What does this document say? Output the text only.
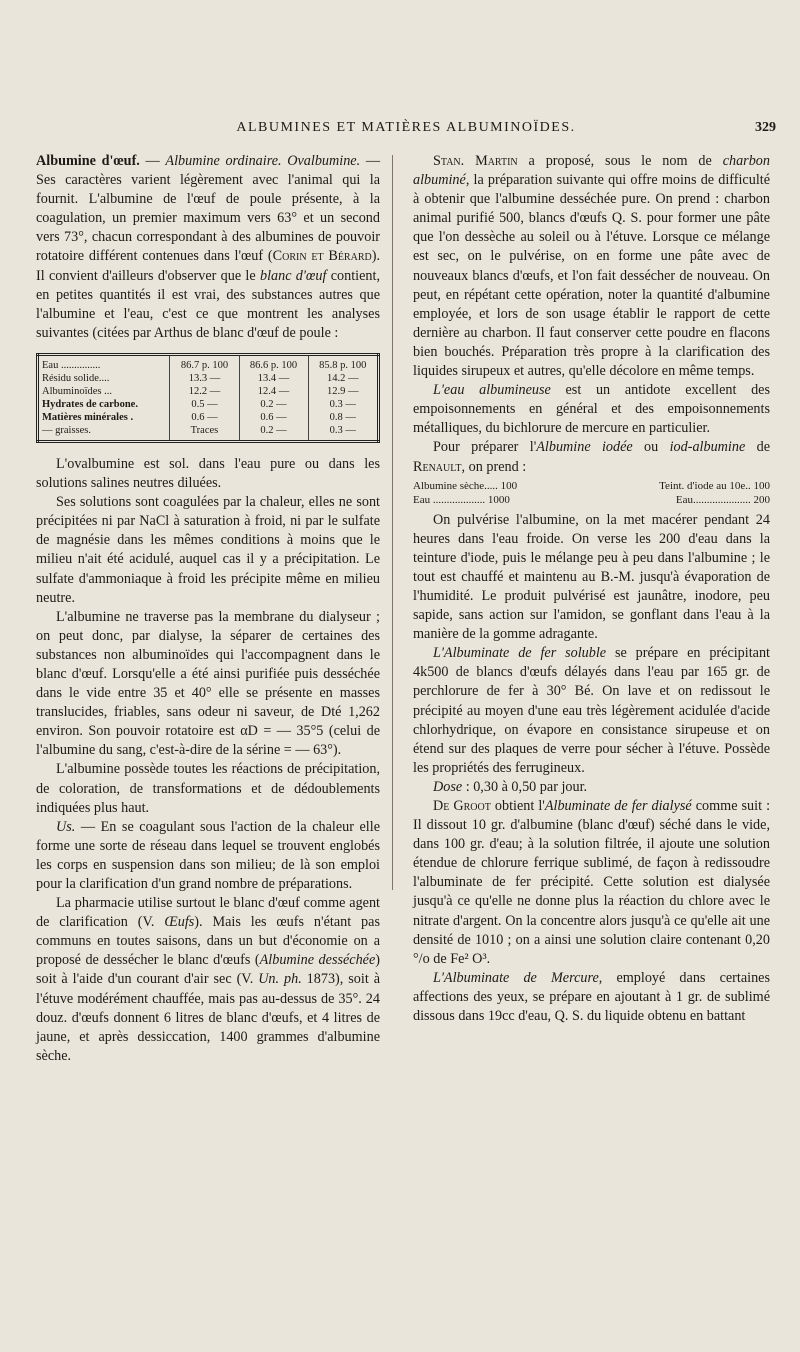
ALBUMINES ET MATIÈRES ALBUMINOÏDES.	329

Albumine d'œuf. — Albumine ordinaire. Ovalbumine. — Ses caractères varient légèrement avec l'animal qui la fournit. L'albumine de l'œuf de poule présente, à la coagulation, un premier maximum vers 63° et un second vers 73°, chacun correspondant à des albumines de pouvoir rotatoire différent contenues dans l'œuf (Corin et Bérard). Il convient d'ailleurs d'observer que le blanc d'œuf contient, en petites quantités il est vrai, des substances autres que l'albumine et l'eau, c'est ce que montrent les analyses suivantes (citées par Arthus de blanc d'œuf de poule :

Eau ...............	86.7 p. 100	86.6 p. 100	85.8 p. 100
Résidu solide....	13.3 —	13.4 —	14.2 —
Albuminoïdes ...	12.2 —	12.4 —	12.9 —
Hydrates de carbone.	0.5 —	0.2 —	0.3 —
Matières minérales .	0.6 —	0.6 —	0.8 —
— graisses.	Traces	0.2 —	0.3 —

L'ovalbumine est sol. dans l'eau pure ou dans les solutions salines neutres diluées.

Ses solutions sont coagulées par la chaleur, elles ne sont précipitées ni par NaCl à saturation à froid, ni par le sulfate de magnésie dans les mêmes conditions à moins que le milieu n'ait été acidulé, auquel cas il y a précipitation. Le sulfate d'ammoniaque à froid les précipite même en milieu neutre.

L'albumine ne traverse pas la membrane du dialyseur ; on peut donc, par dialyse, la séparer de certaines des substances non albuminoïdes qui l'accompagnent dans le blanc d'œuf. Lorsqu'elle a été ainsi purifiée puis desséchée dans le vide entre 35 et 40° elle se présente en masses translucides, friables, sans odeur ni saveur, de Dté 1,262 environ. Son pouvoir rotatoire est αD = — 35°5 (celui de l'albumine du sang, c'est-à-dire de la sérine = — 63°).

L'albumine possède toutes les réactions de précipitation, de coloration, de transformations et de dédoublements indiquées plus haut.

Us. — En se coagulant sous l'action de la chaleur elle forme une sorte de réseau dans lequel se trouvent englobés les corps en suspension dans son milieu; de là son emploi pour la clarification d'un grand nombre de préparations.

La pharmacie utilise surtout le blanc d'œuf comme agent de clarification (V. Œufs). Mais les œufs n'étant pas communs en toutes saisons, dans un but d'économie on a proposé de dessécher le blanc d'œufs (Albumine desséchée) soit à l'aide d'un courant d'air sec (V. Un. ph. 1873), soit à l'étuve modérément chauffée, mais pas au-dessus de 35°. 24 douz. d'œufs donnent 6 litres de blanc d'œufs, et 4 litres de jaune, et après dessiccation, 1400 grammes d'albumine sèche.

Stan. Martin a proposé, sous le nom de charbon albuminé, la préparation suivante qui offre moins de difficulté à obtenir que l'albumine desséchée pure. On prend : charbon animal purifié 500, blancs d'œufs Q. S. pour former une pâte que l'on dessèche au soleil ou à l'étuve. Lorsque ce mélange est sec, on le pulvérise, on en forme une pâte avec de nouveaux blancs d'œufs, et l'on fait dessécher de nouveau. On peut, en répétant cette opération, noter la quantité d'albumine employée, et lors de son usage établir le rapport de cette dernière au charbon. Il faut conserver cette poudre en flacons bien bouchés. Préparation très propre à la clarification des liquides sirupeux et autres, qu'elle décolore en même temps.

L'eau albumineuse est un antidote excellent des empoisonnements en général et des empoisonnements métalliques, du bichlorure de mercure en particulier.

Pour préparer l'Albumine iodée ou iod-albumine de Renault, on prend :

Albumine sèche..... 100	Teint. d'iode au 10e.. 100
Eau ................... 1000	Eau..................... 200

On pulvérise l'albumine, on la met macérer pendant 24 heures dans l'eau froide. On verse les 200 d'eau dans la teinture d'iode, puis le mélange peu à peu dans l'albumine ; le tout est chauffé et maintenu au B.-M. jusqu'à évaporation de l'humidité. Le produit pulvérisé est jaunâtre, inodore, peu sapide, sans action sur l'amidon, se gonflant dans l'eau à la manière de la gomme adragante.

L'Albuminate de fer soluble se prépare en précipitant 4k500 de blancs d'œufs délayés dans l'eau par 165 gr. de perchlorure de fer à 30° Bé. On lave et on redissout le précipité au moyen d'une eau très légèrement acidulée d'acide chlorhydrique, on évapore en consistance sirupeuse et on étend sur des plaques de verre pour sécher à l'étuve. Possède les propriétés des ferrugineux.

Dose : 0,30 à 0,50 par jour.

De Groot obtient l'Albuminate de fer dialysé comme suit : Il dissout 10 gr. d'albumine (blanc d'œuf) séché dans le vide, dans 100 gr. d'eau; à la solution filtrée, il ajoute une solution étendue de chlorure ferrique sublimé, de façon à redissoudre l'albuminate de fer précipité. Cette solution est dialysée jusqu'à ce qu'elle ne donne plus la réaction du chlore avec le nitrate d'argent. On la concentre alors jusqu'à ce qu'elle ait une densité de 1010 ; on a ainsi une solution claire contenant 0,20 °/o de Fe² O³.

L'Albuminate de Mercure, employé dans certaines affections des yeux, se prépare en ajoutant à 1 gr. de sublimé dissous dans 19cc d'eau, Q. S. du liquide obtenu en battant
